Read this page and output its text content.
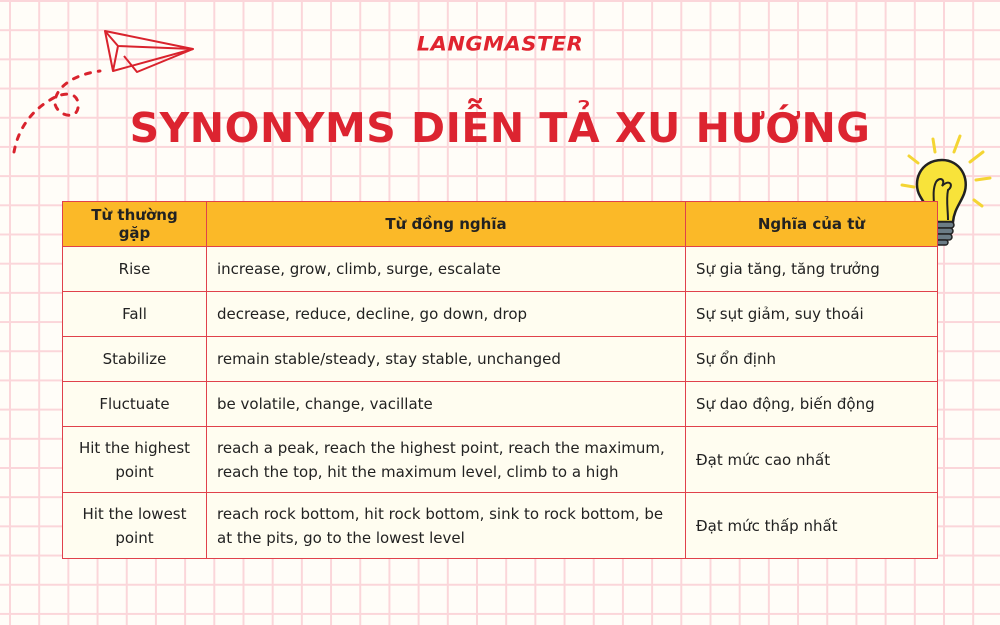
LANGMASTER
SYNONYMS DIỄN TẢ XU HƯỚNG
Từ thường gặp	Từ đồng nghĩa	Nghĩa của từ
Rise	increase, grow, climb, surge, escalate	Sự gia tăng, tăng trưởng
Fall	decrease, reduce, decline, go down, drop	Sự sụt giảm, suy thoái
Stabilize	remain stable/steady, stay stable, unchanged	Sự ổn định
Fluctuate	be volatile, change, vacillate	Sự dao động, biến động
Hit the highest point	reach a peak, reach the highest point, reach the maximum, reach the top, hit the maximum level, climb to a high	Đạt mức cao nhất
Hit the lowest point	reach rock bottom, hit rock bottom, sink to rock bottom, be at the pits, go to the lowest level	Đạt mức thấp nhất
